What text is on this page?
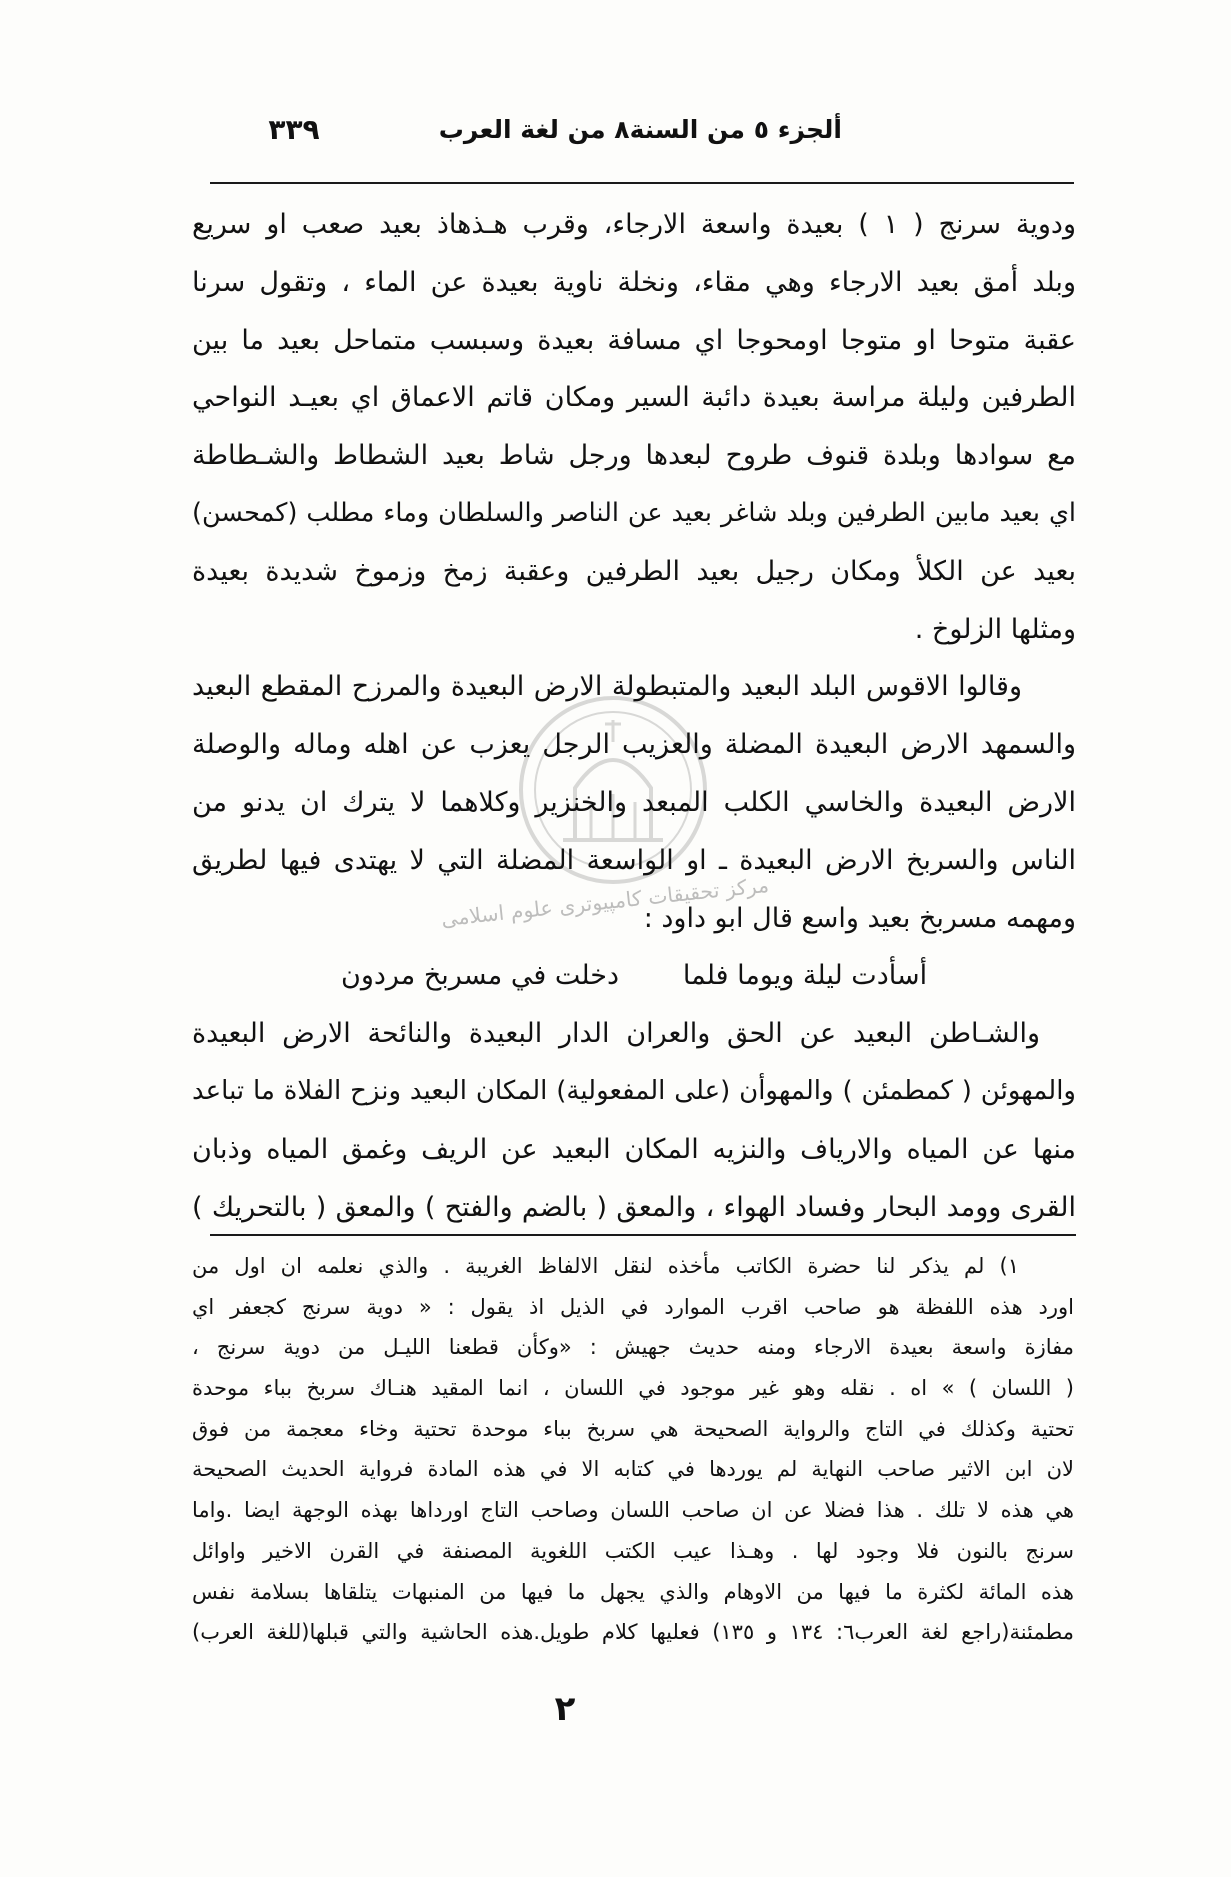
ألجزء ٥ من السنة٨ من لغة العرب
٣٣٩
ودوية سرنج ( ١ ) بعيدة واسعة الارجاء، وقرب هـذهاذ بعيد صعب او سريع
وبلد أمق بعيد الارجاء وهي مقاء، ونخلة ناوية بعيدة عن الماء ، وتقول سرنا
عقبة متوحا او متوجا اومحوجا اي مسافة بعيدة وسبسب متماحل بعيد ما بين
الطرفين وليلة مراسة بعيدة دائبة السير ومكان قاتم الاعماق اي بعيـد النواحي
مع سوادها وبلدة قنوف طروح لبعدها ورجل شاط بعيد الشطاط والشـطاطة
اي بعيد مابين الطرفين وبلد شاغر بعيد عن الناصر والسلطان وماء مطلب (كمحسن)
بعيد عن الكلأ ومكان رجيل بعيد الطرفين وعقبة زمخ وزموخ شديدة بعيدة
ومثلها الزلوخ .
وقالوا الاقوس البلد البعيد والمتبطولة الارض البعيدة والمرزح المقطع البعيد
والسمهد الارض البعيدة المضلة والعزيب الرجل يعزب عن اهله وماله والوصلة
الارض البعيدة والخاسي الكلب المبعد والخنزير وكلاهما لا يترك ان يدنو من
الناس والسربخ الارض البعيدة ـ او الواسعة المضلة التي لا يهتدى فيها لطريق
ومهمه مسربخ بعيد واسع قال ابو داود :
أسأدت ليلة ويوما فلما
دخلت في مسربخ مردون
والشـاطن البعيد عن الحق والعران الدار البعيدة والنائحة الارض البعيدة
والمهوئن ( كمطمئن ) والمهوأن (على المفعولية) المكان البعيد ونزح الفلاة ما تباعد
منها عن المياه والارياف والنزيه المكان البعيد عن الريف وغمق المياه وذبان
القرى وومد البحار وفساد الهواء ، والمعق ( بالضم والفتح ) والمعق ( بالتحريك )
مرکز تحقیقات کامپیوتری علوم اسلامی
١) لم يذكر لنا حضرة الكاتب مأخذه لنقل الالفاظ الغريبة . والذي نعلمه ان اول من
اورد هذه اللفظة هو صاحب اقرب الموارد في الذيل اذ يقول : « دوية سرنج كجعفر اي
مفازة واسعة بعيدة الارجاء ومنه حديث جهيش : «وكأن قطعنا الليـل من دوية سرنج ،
( اللسان ) » اه . نقله وهو غير موجود في اللسان ، انما المقيد هنـاك سربخ بباء موحدة
تحتية وكذلك في التاج والرواية الصحيحة هي سربخ بباء موحدة تحتية وخاء معجمة من فوق
لان ابن الاثير صاحب النهاية لم يوردها في كتابه الا في هذه المادة فرواية الحديث الصحيحة
هي هذه لا تلك . هذا فضلا عن ان صاحب اللسان وصاحب التاج اورداها بهذه الوجهة ايضا .واما
سرنج بالنون فلا وجود لها . وهـذا عيب الكتب اللغوية المصنفة في القرن الاخير واوائل
هذه المائة لكثرة ما فيها من الاوهام والذي يجهل ما فيها من المنبهات يتلقاها بسلامة نفس
مطمئنة(راجع لغة العرب٦: ١٣٤ و ١٣٥) فعليها كلام طويل.هذه الحاشية والتي قبلها(للغة العرب)
٢
